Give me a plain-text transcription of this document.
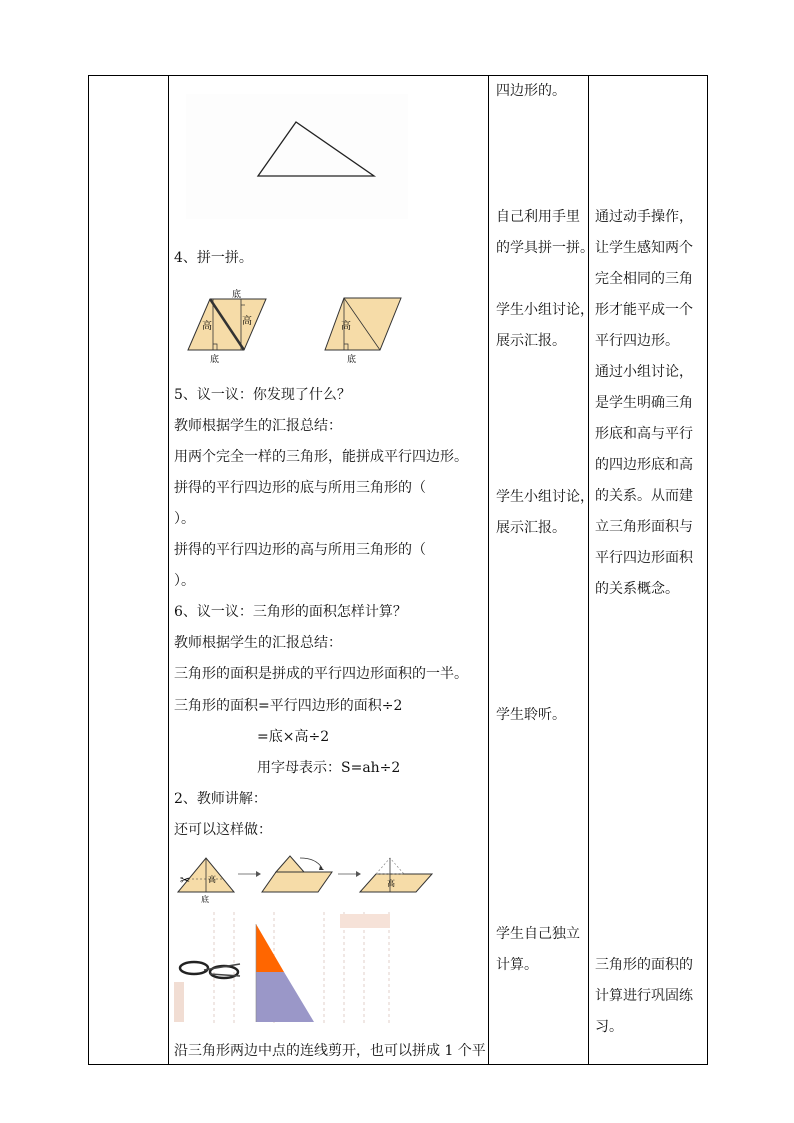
4、拼一拼。
底
高	高
底
高
底
5、议一议：你发现了什么？
教师根据学生的汇报总结：
用两个完全一样的三角形，能拼成平行四边形。
拼得的平行四边形的底与所用三角形的（
）。
拼得的平行四边形的高与所用三角形的（
）。
6、议一议：三角形的面积怎样计算？
教师根据学生的汇报总结：
三角形的面积是拼成的平行四边形面积的一半。
三角形的面积=平行四边形的面积÷2
=底×高÷2
用字母表示：S=ah÷2
2、教师讲解：
还可以这样做：
✂ 高
底
高
沿三角形两边中点的连线剪开，也可以拼成 1 个平
四边形的。
自己利用手里
的学具拼一拼。
学生小组讨论，
展示汇报。
学生小组讨论，
展示汇报。
学生聆听。
学生自己独立
计算。
通过动手操作，
让学生感知两个
完全相同的三角
形才能平成一个
平行四边形。
通过小组讨论，
是学生明确三角
形底和高与平行
的四边形底和高
的关系。从而建
立三角形面积与
平行四边形面积
的关系概念。
三角形的面积的
计算进行巩固练
习。
